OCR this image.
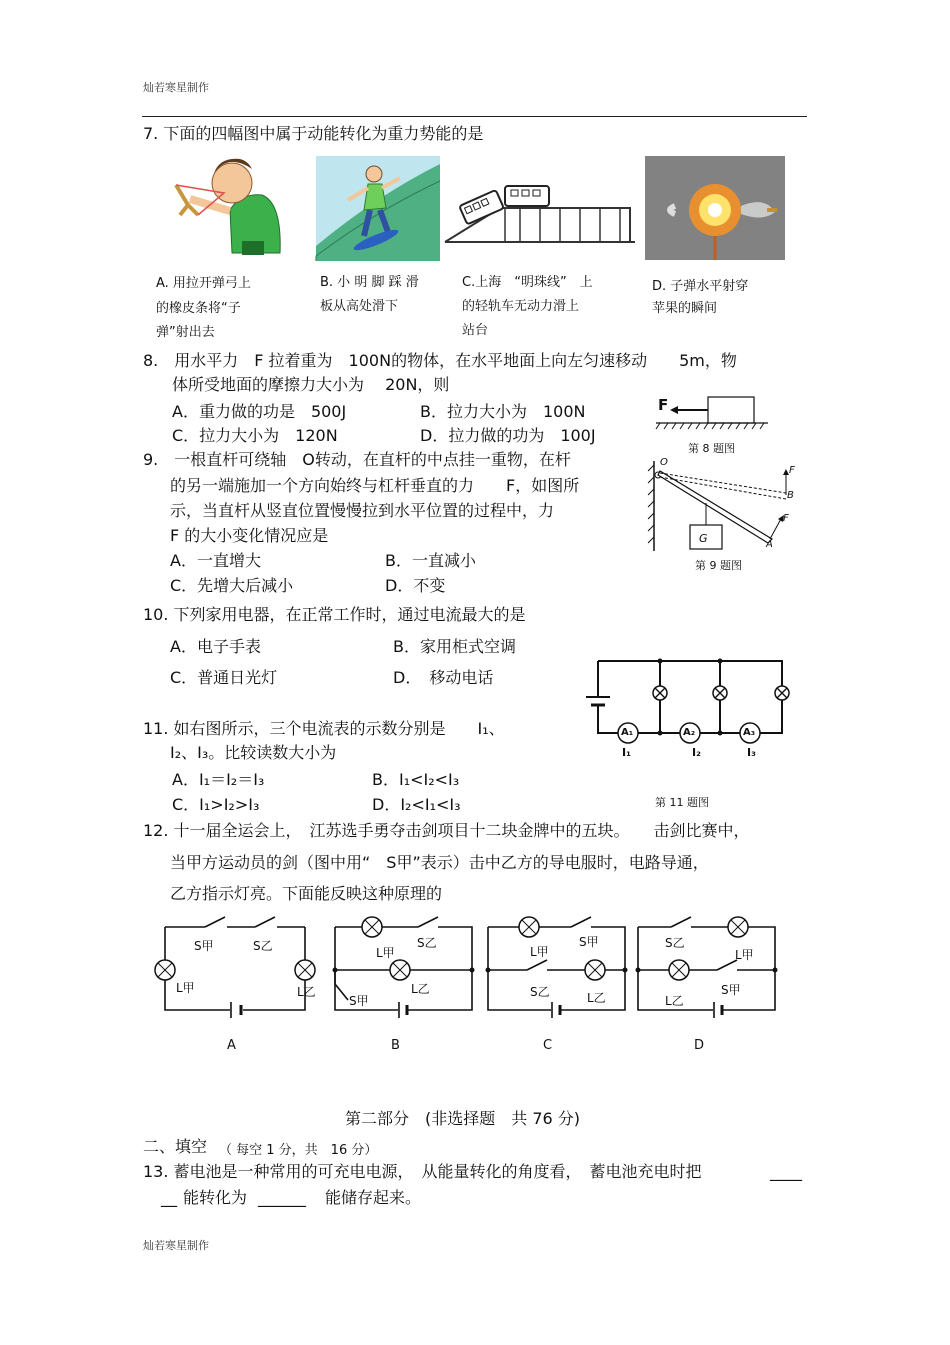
灿若寒星制作
7. 下面的四幅图中属于动能转化为重力势能的是
A. 用拉开弹弓上
的橡皮条将“子
弹”射出去
B. 小 明 脚 踩 滑
板从高处滑下
C.上海　“明珠线”　上
的轻轨车无动力滑上
站台
D. 子弹水平射穿
苹果的瞬间
8.　用水平力　F 拉着重为　100N的物体，在水平地面上向左匀速移动　　5m，物
体所受地面的摩擦力大小为　 20N，则
A．重力做的功是　500J	B．拉力大小为　100N
C．拉力大小为　120N	D．拉力做的功为　100J
F
第 8 题图
9.　一根直杆可绕轴　O转动，在直杆的中点挂一重物，在杆
的另一端施加一个方向始终与杠杆垂直的力　　F，如图所
示，当直杆从竖直位置慢慢拉到水平位置的过程中，力
F 的大小变化情况应是
A．一直增大	B．一直减小
C．先增大后减小	D．不变
O
F
B
F
A
G
第 9 题图
10. 下列家用电器，在正常工作时，通过电流最大的是
A．电子手表	B．家用柜式空调
C．普通日光灯	D．　移动电话
A₁	A₂	A₃
I₁	I₂	I₃
第 11 题图
11. 如右图所示，三个电流表的示数分别是　　I₁、
I₂、I₃。比较读数大小为
A．I₁＝I₂＝I₃	B．I₁<I₂<I₃
C．I₁>I₂>I₃	D．I₂<I₁<I₃
12. 十一届全运会上，　江苏选手勇夺击剑项目十二块金牌中的五块。　　击剑比赛中，
当甲方运动员的剑（图中用“　S甲”表示）击中乙方的导电服时，电路导通，
乙方指示灯亮。下面能反映这种原理的
S甲	S乙
L甲	L乙
A
L甲
S乙
L乙
S甲
B
L甲
S甲
S乙	L乙
C
S乙
L甲
S甲
L乙
D
第二部分　(非选择题　共 76 分)
二、填空 （ 每空 1 分，共　16 分）
13. 蓄电池是一种常用的可充电电源，　从能量转化的角度看，　蓄电池充电时把	____
__ 能转化为 ______ 能储存起来。
灿若寒星制作
